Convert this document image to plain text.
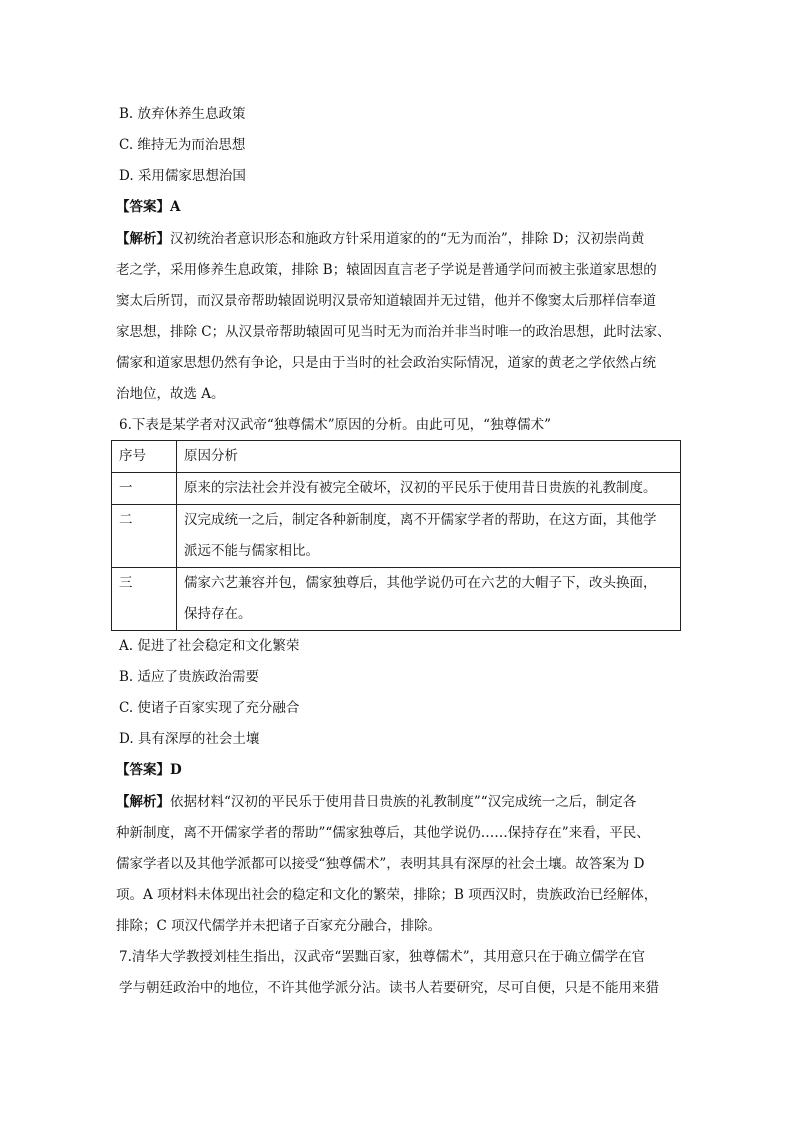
B. 放弃休养生息政策
C. 维持无为而治思想
D. 采用儒家思想治国
【答案】A
【解析】汉初统治者意识形态和施政方针采用道家的的“无为而治”，排除 D；汉初崇尚黄
老之学，采用修养生息政策，排除 B；辕固因直言老子学说是普通学问而被主张道家思想的
窦太后所罚，而汉景帝帮助辕固说明汉景帝知道辕固并无过错，他并不像窦太后那样信奉道
家思想，排除 C；从汉景帝帮助辕固可见当时无为而治并非当时唯一的政治思想，此时法家、
儒家和道家思想仍然有争论，只是由于当时的社会政治实际情况，道家的黄老之学依然占统
治地位，故选 A。
6.下表是某学者对汉武帝“独尊儒术”原因的分析。由此可见，“独尊儒术”
序号	原因分析
一	原来的宗法社会并没有被完全破坏，汉初的平民乐于使用昔日贵族的礼教制度。

二	汉完成统一之后，制定各种新制度，离不开儒家学者的帮助，在这方面，其他学
派远不能与儒家相比。

三	儒家六艺兼容并包，儒家独尊后，其他学说仍可在六艺的大帽子下，改头换面，
保持存在。
A. 促进了社会稳定和文化繁荣
B. 适应了贵族政治需要
C. 使诸子百家实现了充分融合
D. 具有深厚的社会土壤
【答案】D
【解析】依据材料“汉初的平民乐于使用昔日贵族的礼教制度”“汉完成统一之后，制定各
种新制度，离不开儒家学者的帮助”“儒家独尊后，其他学说仍……保持存在”来看，平民、
儒家学者以及其他学派都可以接受“独尊儒术”，表明其具有深厚的社会土壤。故答案为 D
项。A 项材料未体现出社会的稳定和文化的繁荣，排除；B 项西汉时，贵族政治已经解体，
排除；C 项汉代儒学并未把诸子百家充分融合，排除。
7.清华大学教授刘桂生指出，汉武帝“罢黜百家，独尊儒术”，其用意只在于确立儒学在官
学与朝廷政治中的地位，不许其他学派分沾。读书人若要研究，尽可自便，只是不能用来猎
